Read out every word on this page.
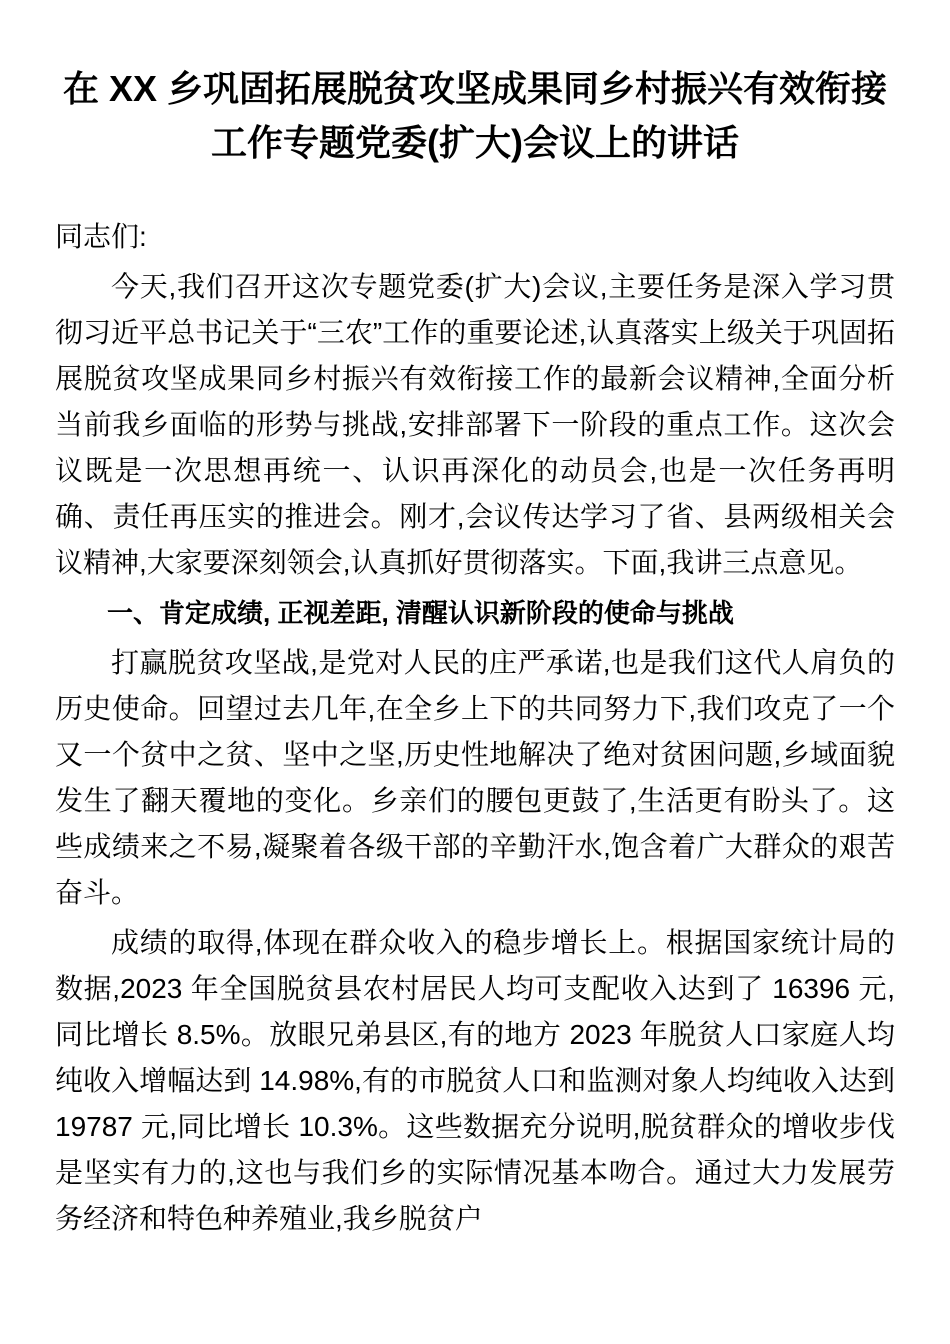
在 XX 乡巩固拓展脱贫攻坚成果同乡村振兴有效衔接工作专题党委(扩大)会议上的讲话

同志们:

今天,我们召开这次专题党委(扩大)会议,主要任务是深入学习贯彻习近平总书记关于“三农”工作的重要论述,认真落实上级关于巩固拓展脱贫攻坚成果同乡村振兴有效衔接工作的最新会议精神,全面分析当前我乡面临的形势与挑战,安排部署下一阶段的重点工作。这次会议既是一次思想再统一、认识再深化的动员会,也是一次任务再明确、责任再压实的推进会。刚才,会议传达学习了省、县两级相关会议精神,大家要深刻领会,认真抓好贯彻落实。下面,我讲三点意见。

一、肯定成绩, 正视差距, 清醒认识新阶段的使命与挑战

打赢脱贫攻坚战,是党对人民的庄严承诺,也是我们这代人肩负的历史使命。回望过去几年,在全乡上下的共同努力下,我们攻克了一个又一个贫中之贫、坚中之坚,历史性地解决了绝对贫困问题,乡域面貌发生了翻天覆地的变化。乡亲们的腰包更鼓了,生活更有盼头了。这些成绩来之不易,凝聚着各级干部的辛勤汗水,饱含着广大群众的艰苦奋斗。

成绩的取得,体现在群众收入的稳步增长上。根据国家统计局的数据,2023 年全国脱贫县农村居民人均可支配收入达到了 16396 元,同比增长 8.5%。放眼兄弟县区,有的地方 2023 年脱贫人口家庭人均纯收入增幅达到 14.98%,有的市脱贫人口和监测对象人均纯收入达到 19787 元,同比增长 10.3%。这些数据充分说明,脱贫群众的增收步伐是坚实有力的,这也与我们乡的实际情况基本吻合。通过大力发展劳务经济和特色种养殖业,我乡脱贫户
